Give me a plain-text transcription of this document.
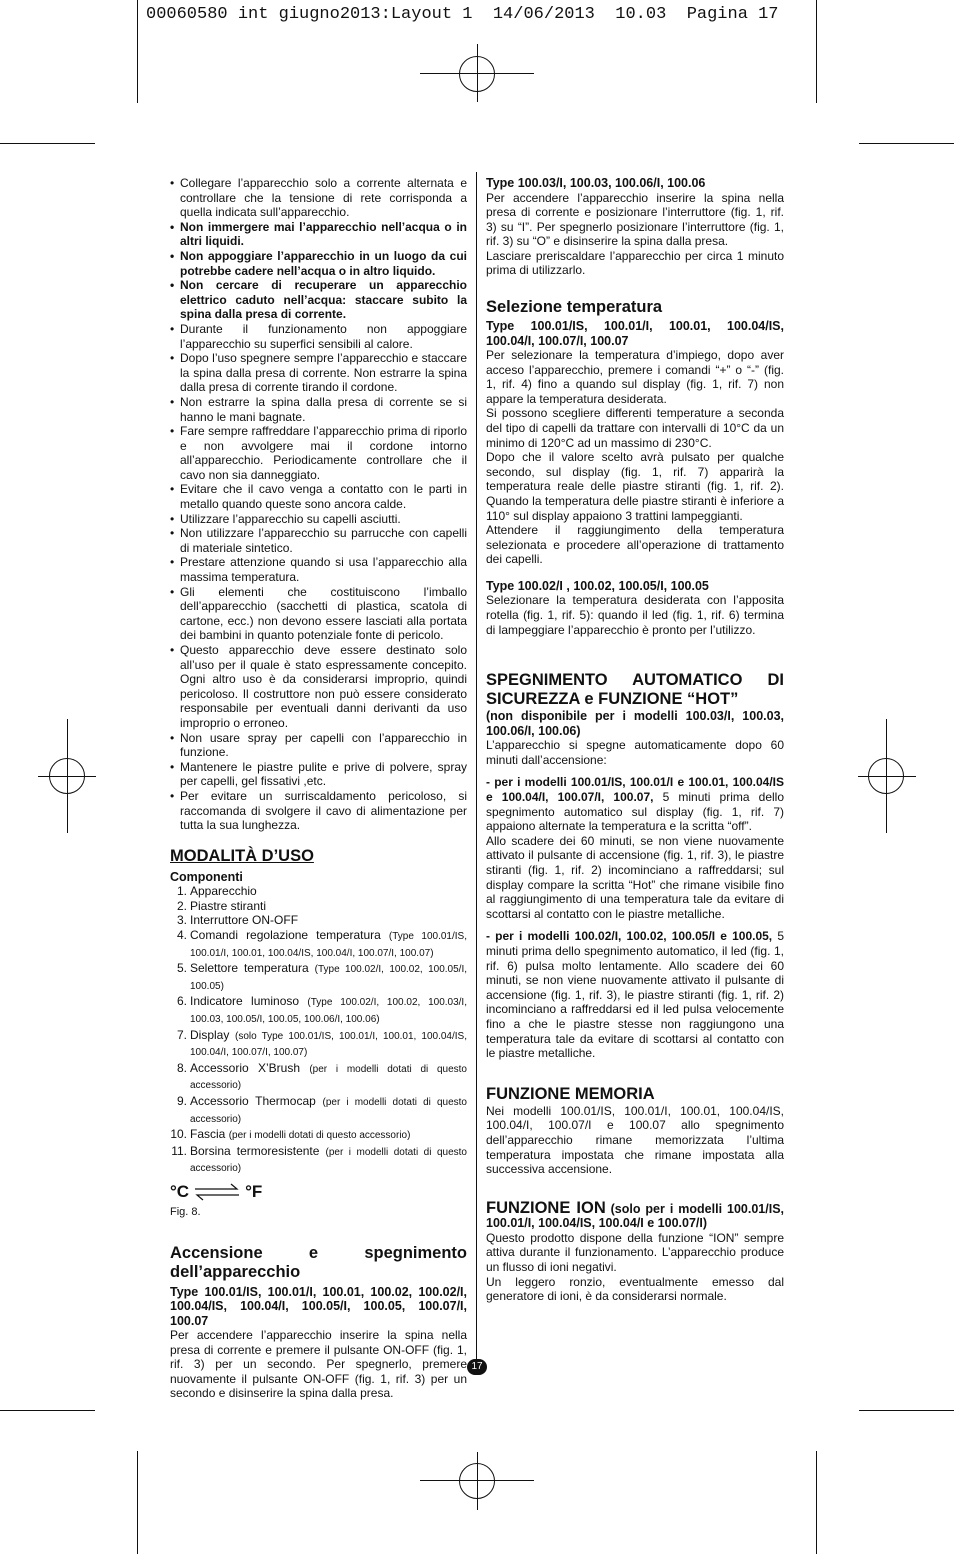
00060580 int giugno2013:Layout 1  14/06/2013  10.03  Pagina 17
• Collegare l’apparecchio solo a corrente alternata e controllare che la tensione di rete corrisponda a quella indicata sull’apparecchio.
• Non immergere mai l’apparecchio nell’acqua o in altri liquidi.
• Non appoggiare l’apparecchio in un luogo da cui potrebbe cadere nell’acqua o in altro liquido.
• Non cercare di recuperare un apparecchio elettrico caduto nell’acqua: staccare subito la spina dalla presa di corrente.
• Durante il funzionamento non appoggiare l’apparecchio su superfici sensibili al calore.
• Dopo l’uso spegnere sempre l’apparecchio e staccare la spina dalla presa di corrente. Non estrarre la spina dalla presa di corrente tirando il cordone.
• Non estrarre la spina dalla presa di corrente se si hanno le mani bagnate.
• Fare sempre raffreddare l’apparecchio prima di riporlo e non avvolgere mai il cordone intorno all’apparecchio. Periodicamente controllare che il cavo non sia danneggiato.
• Evitare che il cavo venga a contatto con le parti in metallo quando queste sono ancora calde.
• Utilizzare l’apparecchio su capelli asciutti.
• Non utilizzare l’apparecchio su parrucche con capelli di materiale sintetico.
• Prestare attenzione quando si usa l’apparecchio alla massima temperatura.
• Gli elementi che costituiscono l’imballo dell’apparecchio (sacchetti di plastica, scatola di cartone, ecc.) non devono essere lasciati alla portata dei bambini in quanto potenziale fonte di pericolo.
• Questo apparecchio deve essere destinato solo all’uso per il quale è stato espressamente concepito. Ogni altro uso è da considerarsi improprio, quindi pericoloso. Il costruttore non può essere considerato responsabile per eventuali danni derivanti da uso improprio o erroneo.
• Non usare spray per capelli con l’apparecchio in funzione.
• Mantenere le piastre pulite e prive di polvere, spray per capelli, gel fissativi ,etc.
• Per evitare un surriscaldamento pericoloso, si raccomanda di svolgere il cavo di alimentazione per tutta la sua lunghezza.
MODALITÀ D’USO
Componenti
1. Apparecchio
2. Piastre stiranti
3. Interruttore ON-OFF
4. Comandi regolazione temperatura (Type 100.01/IS, 100.01/I, 100.01, 100.04/IS, 100.04/I, 100.07/I, 100.07)
5. Selettore temperatura (Type 100.02/I, 100.02, 100.05/I, 100.05)
6. Indicatore luminoso (Type 100.02/I, 100.02, 100.03/I, 100.03, 100.05/I, 100.05, 100.06/I, 100.06)
7. Display (solo Type 100.01/IS, 100.01/I, 100.01, 100.04/IS, 100.04/I, 100.07/I, 100.07)
8. Accessorio X’Brush (per i modelli dotati di questo accessorio)
9. Accessorio Thermocap (per i modelli dotati di questo accessorio)
10. Fascia (per i modelli dotati di questo accessorio)
11. Borsina termoresistente (per i modelli dotati di questo accessorio)
°C	°F

Fig. 8.

Accensione e spegnimento dell’apparecchio

Type 100.01/IS, 100.01/I, 100.01, 100.02, 100.02/I, 100.04/IS, 100.04/I, 100.05/I, 100.05, 100.07/I, 100.07

Per accendere l’apparecchio inserire la spina nella presa di corrente e premere il pulsante ON-OFF (fig. 1, rif. 3) per un secondo. Per spegnerlo, premere nuovamente il pulsante ON-OFF (fig. 1, rif. 3) per un secondo e disinserire la spina dalla presa.

Type 100.03/I, 100.03, 100.06/I, 100.06

Per accendere l’apparecchio inserire la spina nella presa di corrente e posizionare l’interruttore (fig. 1, rif. 3) su “I”. Per spegnerlo posizionare l’interruttore (fig. 1, rif. 3) su “O” e disinserire la spina dalla presa.

Lasciare preriscaldare l’apparecchio per circa 1 minuto prima di utilizzarlo.

Selezione temperatura

Type 100.01/IS, 100.01/I, 100.01, 100.04/IS, 100.04/I, 100.07/I, 100.07

Per selezionare la temperatura d’impiego, dopo aver acceso l’apparecchio, premere i comandi “+” o “-” (fig. 1, rif. 4) fino a quando sul display (fig. 1, rif. 7) non appare la temperatura desiderata.

Si possono scegliere differenti temperature a seconda del tipo di capelli da trattare con intervalli di 10°C da un minimo di 120°C ad un massimo di 230°C.

Dopo che il valore scelto avrà pulsato per qualche secondo, sul display (fig. 1, rif. 7) apparirà la temperatura reale delle piastre stiranti (fig. 1, rif. 2). Quando la temperatura delle piastre stiranti è inferiore a 110° sul display appaiono 3 trattini lampeggianti.

Attendere il raggiungimento della temperatura selezionata e procedere all’operazione di trattamento dei capelli.

Type 100.02/I , 100.02, 100.05/I, 100.05

Selezionare la temperatura desiderata con l’apposita rotella (fig. 1, rif. 5): quando il led (fig. 1, rif. 6) termina di lampeggiare l’apparecchio è pronto per l’utilizzo.

SPEGNIMENTO AUTOMATICO DI SICUREZZA e FUNZIONE “HOT”

(non disponibile per i modelli 100.03/I, 100.03, 100.06/I, 100.06)

L’apparecchio si spegne automaticamente dopo 60 minuti dall’accensione:

- per i modelli 100.01/IS, 100.01/I e 100.01, 100.04/IS e 100.04/I, 100.07/I, 100.07, 5 minuti prima dello spegnimento automatico sul display (fig. 1, rif. 7) appaiono alternate la temperatura e la scritta “off”.

Allo scadere dei 60 minuti, se non viene nuovamente attivato il pulsante di accensione (fig. 1, rif. 3), le piastre stiranti (fig. 1, rif. 2) incominciano a raffreddarsi; sul display compare la scritta “Hot” che rimane visibile fino al raggiungimento di una temperatura tale da evitare di scottarsi al contatto con le piastre metalliche.

- per i modelli 100.02/I, 100.02, 100.05/I e 100.05, 5 minuti prima dello spegnimento automatico, il led (fig. 1, rif. 6) pulsa molto lentamente. Allo scadere dei 60 minuti, se non viene nuovamente attivato il pulsante di accensione (fig. 1, rif. 3), le piastre stiranti (fig. 1, rif. 2) incominciano a raffreddarsi ed il led pulsa velocemente fino a che le piastre stesse non raggiungono una temperatura tale da evitare di scottarsi al contatto con le piastre metalliche.

FUNZIONE MEMORIA

Nei modelli 100.01/IS, 100.01/I, 100.01, 100.04/IS, 100.04/I, 100.07/I e 100.07 allo spegnimento dell’apparecchio rimane memorizzata l’ultima temperatura impostata che rimane impostata alla successiva accensione.

FUNZIONE ION (solo per i modelli 100.01/IS, 100.01/I, 100.04/IS, 100.04/I e 100.07/I)

Questo prodotto dispone della funzione “ION” sempre attiva durante il funzionamento. L’apparecchio produce un flusso di ioni negativi.

Un leggero ronzio, eventualmente emesso dal generatore di ioni, è da considerarsi normale.

17
